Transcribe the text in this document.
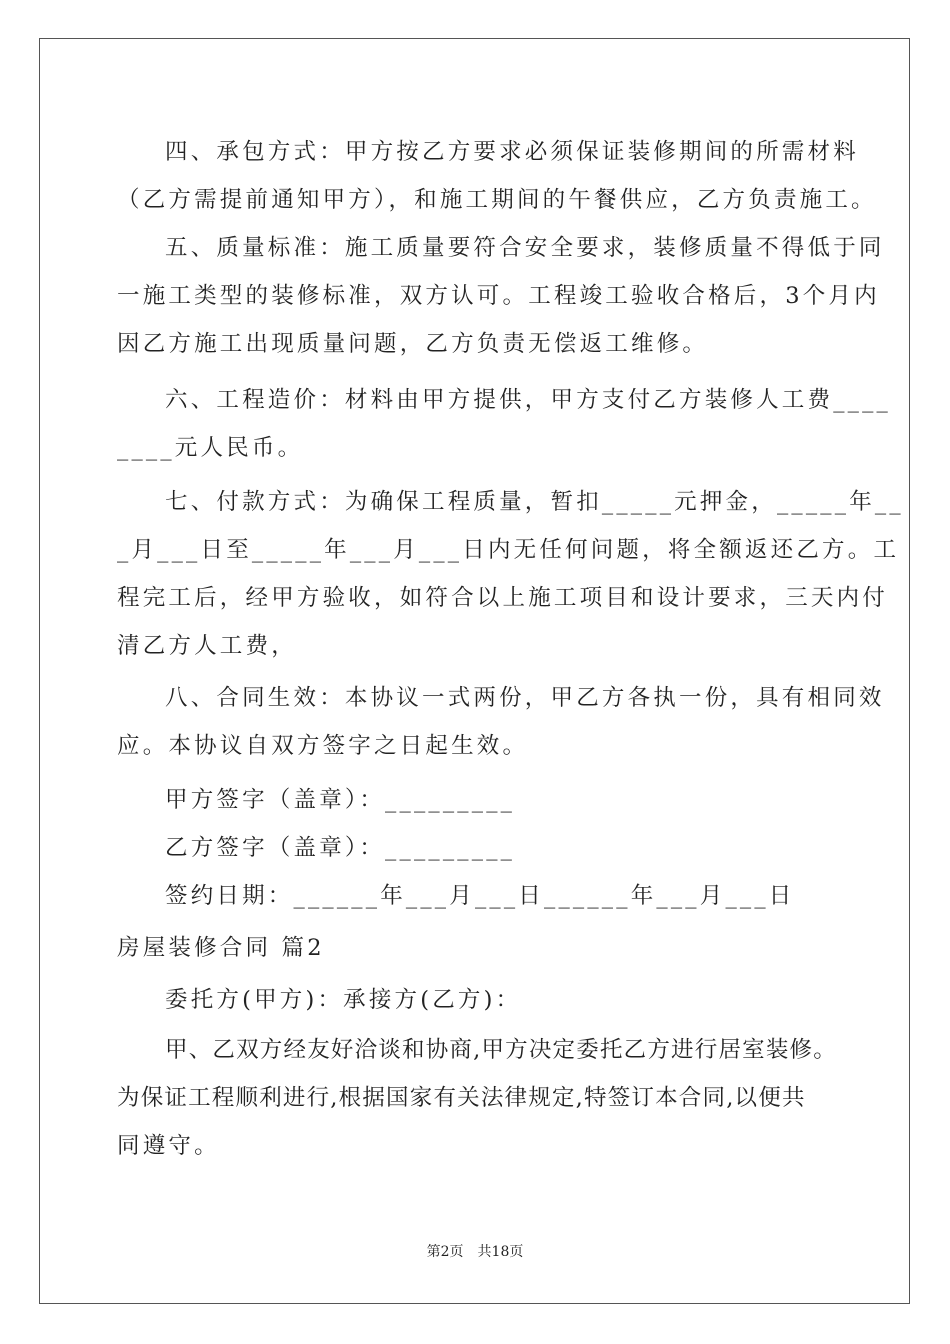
四、承包方式：甲方按乙方要求必须保证装修期间的所需材料
（乙方需提前通知甲方），和施工期间的午餐供应，乙方负责施工。
五、质量标准：施工质量要符合安全要求，装修质量不得低于同
一施工类型的装修标准，双方认可。工程竣工验收合格后，3个月内
因乙方施工出现质量问题，乙方负责无偿返工维修。
六、工程造价：材料由甲方提供，甲方支付乙方装修人工费____
____元人民币。
七、付款方式：为确保工程质量，暂扣_____元押金，_____年__
_月___日至_____年___月___日内无任何问题，将全额返还乙方。工
程完工后，经甲方验收，如符合以上施工项目和设计要求，三天内付
清乙方人工费，
八、合同生效：本协议一式两份，甲乙方各执一份，具有相同效
应。本协议自双方签字之日起生效。
甲方签字（盖章）：_________
乙方签字（盖章）：_________
签约日期：______年___月___日______年___月___日
房屋装修合同 篇2
委托方(甲方)：承接方(乙方)：
甲、乙双方经友好洽谈和协商,甲方决定委托乙方进行居室装修。
为保证工程顺利进行,根据国家有关法律规定,特签订本合同,以便共
同遵守。
第2页　共18页
